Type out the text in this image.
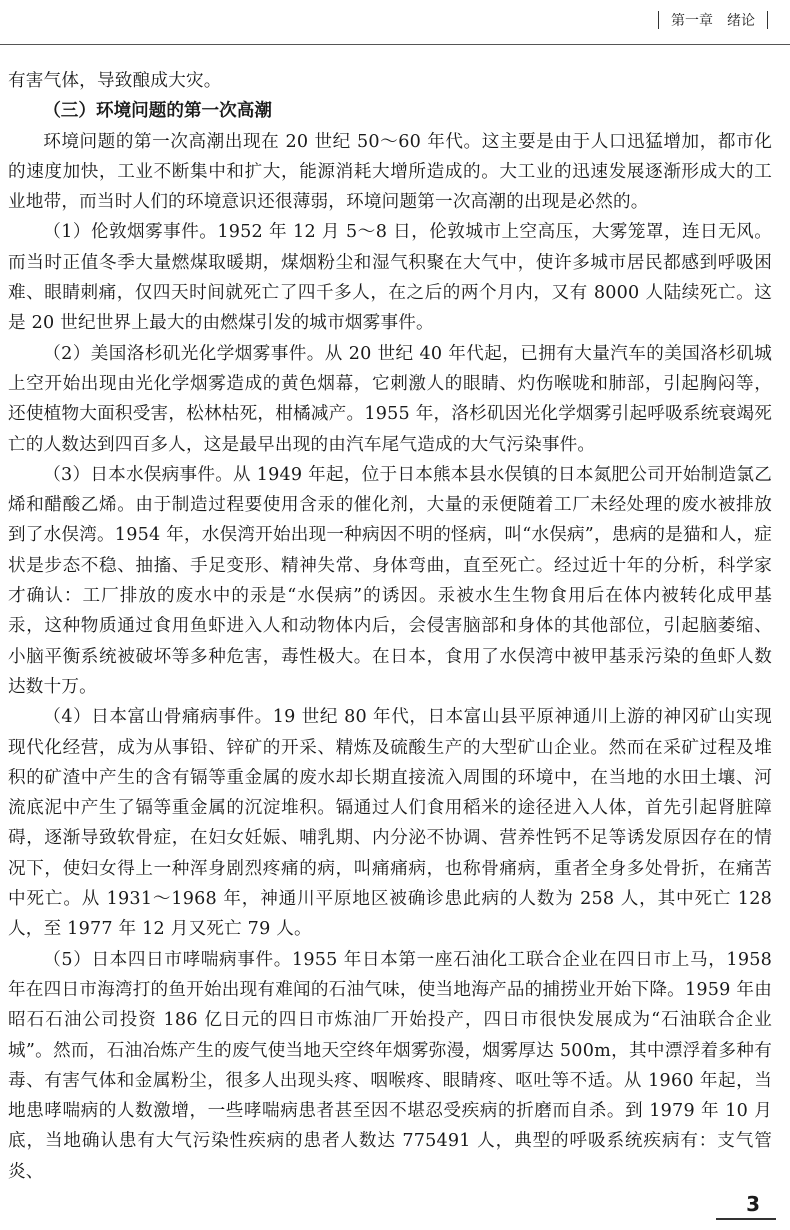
第一章 绪论

有害气体，导致酿成大灾。

（三）环境问题的第一次高潮

环境问题的第一次高潮出现在 20 世纪 50～60 年代。这主要是由于人口迅猛增加，都市化的速度加快，工业不断集中和扩大，能源消耗大增所造成的。大工业的迅速发展逐渐形成大的工业地带，而当时人们的环境意识还很薄弱，环境问题第一次高潮的出现是必然的。

（1）伦敦烟雾事件。1952 年 12 月 5～8 日，伦敦城市上空高压，大雾笼罩，连日无风。而当时正值冬季大量燃煤取暖期，煤烟粉尘和湿气积聚在大气中，使许多城市居民都感到呼吸困难、眼睛刺痛，仅四天时间就死亡了四千多人，在之后的两个月内，又有 8000 人陆续死亡。这是 20 世纪世界上最大的由燃煤引发的城市烟雾事件。

（2）美国洛杉矶光化学烟雾事件。从 20 世纪 40 年代起，已拥有大量汽车的美国洛杉矶城上空开始出现由光化学烟雾造成的黄色烟幕，它刺激人的眼睛、灼伤喉咙和肺部，引起胸闷等，还使植物大面积受害，松林枯死，柑橘减产。1955 年，洛杉矶因光化学烟雾引起呼吸系统衰竭死亡的人数达到四百多人，这是最早出现的由汽车尾气造成的大气污染事件。

（3）日本水俣病事件。从 1949 年起，位于日本熊本县水俣镇的日本氮肥公司开始制造氯乙烯和醋酸乙烯。由于制造过程要使用含汞的催化剂，大量的汞便随着工厂未经处理的废水被排放到了水俣湾。1954 年，水俣湾开始出现一种病因不明的怪病，叫“水俣病”，患病的是猫和人，症状是步态不稳、抽搐、手足变形、精神失常、身体弯曲，直至死亡。经过近十年的分析，科学家才确认：工厂排放的废水中的汞是“水俣病”的诱因。汞被水生生物食用后在体内被转化成甲基汞，这种物质通过食用鱼虾进入人和动物体内后，会侵害脑部和身体的其他部位，引起脑萎缩、小脑平衡系统被破坏等多种危害，毒性极大。在日本，食用了水俣湾中被甲基汞污染的鱼虾人数达数十万。

（4）日本富山骨痛病事件。19 世纪 80 年代，日本富山县平原神通川上游的神冈矿山实现现代化经营，成为从事铅、锌矿的开采、精炼及硫酸生产的大型矿山企业。然而在采矿过程及堆积的矿渣中产生的含有镉等重金属的废水却长期直接流入周围的环境中，在当地的水田土壤、河流底泥中产生了镉等重金属的沉淀堆积。镉通过人们食用稻米的途径进入人体，首先引起肾脏障碍，逐渐导致软骨症，在妇女妊娠、哺乳期、内分泌不协调、营养性钙不足等诱发原因存在的情况下，使妇女得上一种浑身剧烈疼痛的病，叫痛痛病，也称骨痛病，重者全身多处骨折，在痛苦中死亡。从 1931～1968 年，神通川平原地区被确诊患此病的人数为 258 人，其中死亡 128 人，至 1977 年 12 月又死亡 79 人。

（5）日本四日市哮喘病事件。1955 年日本第一座石油化工联合企业在四日市上马，1958 年在四日市海湾打的鱼开始出现有难闻的石油气味，使当地海产品的捕捞业开始下降。1959 年由昭石石油公司投资 186 亿日元的四日市炼油厂开始投产，四日市很快发展成为“石油联合企业城”。然而，石油冶炼产生的废气使当地天空终年烟雾弥漫，烟雾厚达 500m，其中漂浮着多种有毒、有害气体和金属粉尘，很多人出现头疼、咽喉疼、眼睛疼、呕吐等不适。从 1960 年起，当地患哮喘病的人数激增，一些哮喘病患者甚至因不堪忍受疾病的折磨而自杀。到 1979 年 10 月底，当地确认患有大气污染性疾病的患者人数达 775491 人，典型的呼吸系统疾病有：支气管炎、

3
